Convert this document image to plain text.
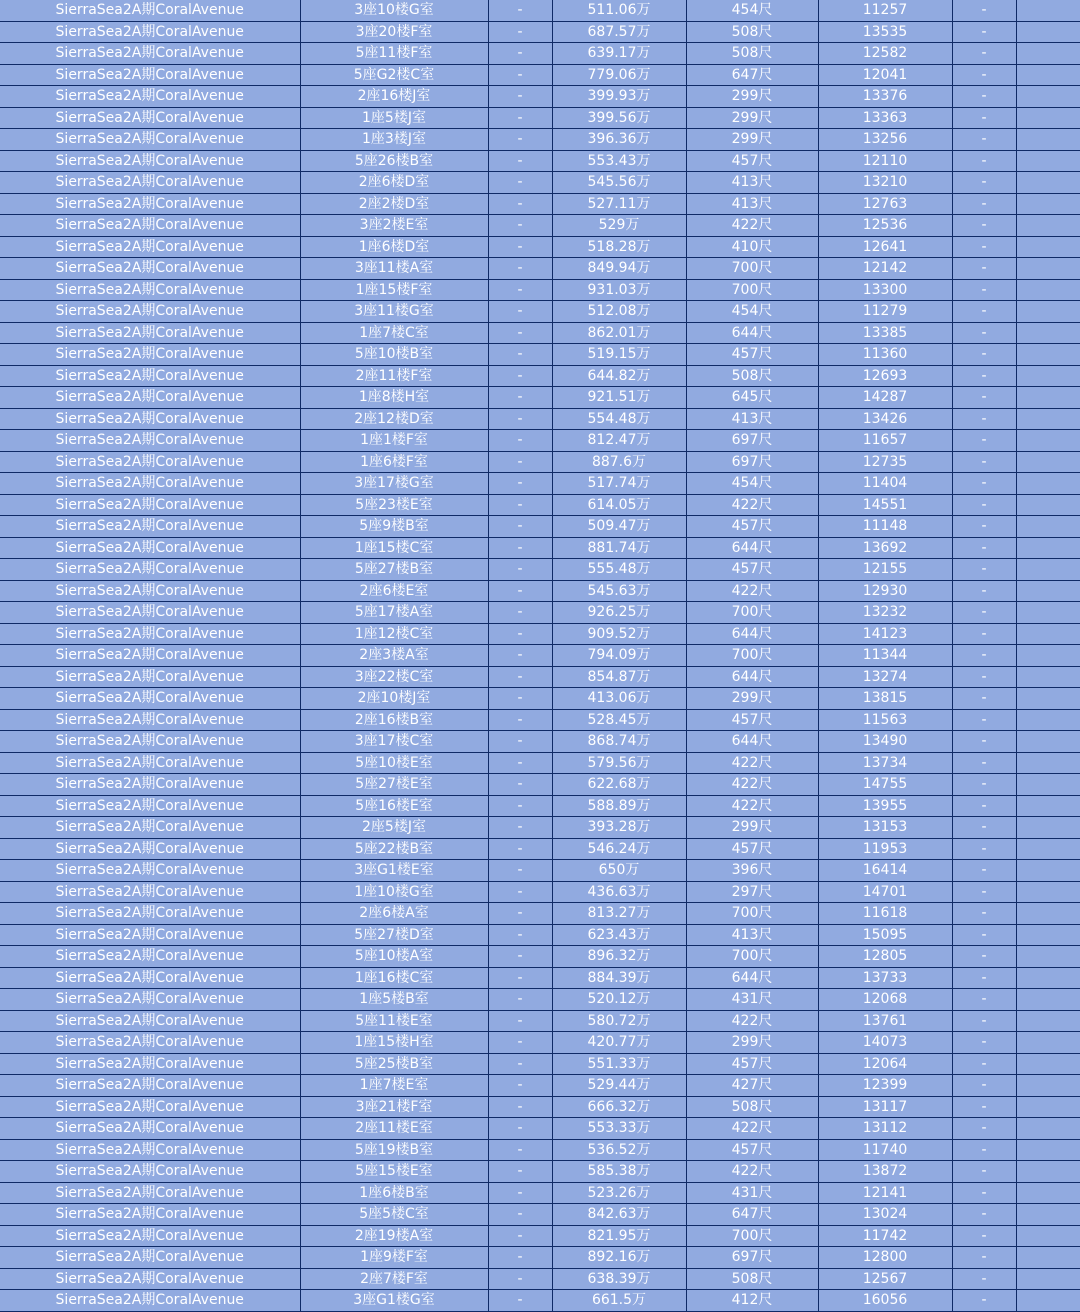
SierraSea2A期CoralAvenue	3座10楼G室	-	511.06万	454尺	11257	-	
SierraSea2A期CoralAvenue	3座20楼F室	-	687.57万	508尺	13535	-	
SierraSea2A期CoralAvenue	5座11楼F室	-	639.17万	508尺	12582	-	
SierraSea2A期CoralAvenue	5座G2楼C室	-	779.06万	647尺	12041	-	
SierraSea2A期CoralAvenue	2座16楼J室	-	399.93万	299尺	13376	-	
SierraSea2A期CoralAvenue	1座5楼J室	-	399.56万	299尺	13363	-	
SierraSea2A期CoralAvenue	1座3楼J室	-	396.36万	299尺	13256	-	
SierraSea2A期CoralAvenue	5座26楼B室	-	553.43万	457尺	12110	-	
SierraSea2A期CoralAvenue	2座6楼D室	-	545.56万	413尺	13210	-	
SierraSea2A期CoralAvenue	2座2楼D室	-	527.11万	413尺	12763	-	
SierraSea2A期CoralAvenue	3座2楼E室	-	529万	422尺	12536	-	
SierraSea2A期CoralAvenue	1座6楼D室	-	518.28万	410尺	12641	-	
SierraSea2A期CoralAvenue	3座11楼A室	-	849.94万	700尺	12142	-	
SierraSea2A期CoralAvenue	1座15楼F室	-	931.03万	700尺	13300	-	
SierraSea2A期CoralAvenue	3座11楼G室	-	512.08万	454尺	11279	-	
SierraSea2A期CoralAvenue	1座7楼C室	-	862.01万	644尺	13385	-	
SierraSea2A期CoralAvenue	5座10楼B室	-	519.15万	457尺	11360	-	
SierraSea2A期CoralAvenue	2座11楼F室	-	644.82万	508尺	12693	-	
SierraSea2A期CoralAvenue	1座8楼H室	-	921.51万	645尺	14287	-	
SierraSea2A期CoralAvenue	2座12楼D室	-	554.48万	413尺	13426	-	
SierraSea2A期CoralAvenue	1座1楼F室	-	812.47万	697尺	11657	-	
SierraSea2A期CoralAvenue	1座6楼F室	-	887.6万	697尺	12735	-	
SierraSea2A期CoralAvenue	3座17楼G室	-	517.74万	454尺	11404	-	
SierraSea2A期CoralAvenue	5座23楼E室	-	614.05万	422尺	14551	-	
SierraSea2A期CoralAvenue	5座9楼B室	-	509.47万	457尺	11148	-	
SierraSea2A期CoralAvenue	1座15楼C室	-	881.74万	644尺	13692	-	
SierraSea2A期CoralAvenue	5座27楼B室	-	555.48万	457尺	12155	-	
SierraSea2A期CoralAvenue	2座6楼E室	-	545.63万	422尺	12930	-	
SierraSea2A期CoralAvenue	5座17楼A室	-	926.25万	700尺	13232	-	
SierraSea2A期CoralAvenue	1座12楼C室	-	909.52万	644尺	14123	-	
SierraSea2A期CoralAvenue	2座3楼A室	-	794.09万	700尺	11344	-	
SierraSea2A期CoralAvenue	3座22楼C室	-	854.87万	644尺	13274	-	
SierraSea2A期CoralAvenue	2座10楼J室	-	413.06万	299尺	13815	-	
SierraSea2A期CoralAvenue	2座16楼B室	-	528.45万	457尺	11563	-	
SierraSea2A期CoralAvenue	3座17楼C室	-	868.74万	644尺	13490	-	
SierraSea2A期CoralAvenue	5座10楼E室	-	579.56万	422尺	13734	-	
SierraSea2A期CoralAvenue	5座27楼E室	-	622.68万	422尺	14755	-	
SierraSea2A期CoralAvenue	5座16楼E室	-	588.89万	422尺	13955	-	
SierraSea2A期CoralAvenue	2座5楼J室	-	393.28万	299尺	13153	-	
SierraSea2A期CoralAvenue	5座22楼B室	-	546.24万	457尺	11953	-	
SierraSea2A期CoralAvenue	3座G1楼E室	-	650万	396尺	16414	-	
SierraSea2A期CoralAvenue	1座10楼G室	-	436.63万	297尺	14701	-	
SierraSea2A期CoralAvenue	2座6楼A室	-	813.27万	700尺	11618	-	
SierraSea2A期CoralAvenue	5座27楼D室	-	623.43万	413尺	15095	-	
SierraSea2A期CoralAvenue	5座10楼A室	-	896.32万	700尺	12805	-	
SierraSea2A期CoralAvenue	1座16楼C室	-	884.39万	644尺	13733	-	
SierraSea2A期CoralAvenue	1座5楼B室	-	520.12万	431尺	12068	-	
SierraSea2A期CoralAvenue	5座11楼E室	-	580.72万	422尺	13761	-	
SierraSea2A期CoralAvenue	1座15楼H室	-	420.77万	299尺	14073	-	
SierraSea2A期CoralAvenue	5座25楼B室	-	551.33万	457尺	12064	-	
SierraSea2A期CoralAvenue	1座7楼E室	-	529.44万	427尺	12399	-	
SierraSea2A期CoralAvenue	3座21楼F室	-	666.32万	508尺	13117	-	
SierraSea2A期CoralAvenue	2座11楼E室	-	553.33万	422尺	13112	-	
SierraSea2A期CoralAvenue	5座19楼B室	-	536.52万	457尺	11740	-	
SierraSea2A期CoralAvenue	5座15楼E室	-	585.38万	422尺	13872	-	
SierraSea2A期CoralAvenue	1座6楼B室	-	523.26万	431尺	12141	-	
SierraSea2A期CoralAvenue	5座5楼C室	-	842.63万	647尺	13024	-	
SierraSea2A期CoralAvenue	2座19楼A室	-	821.95万	700尺	11742	-	
SierraSea2A期CoralAvenue	1座9楼F室	-	892.16万	697尺	12800	-	
SierraSea2A期CoralAvenue	2座7楼F室	-	638.39万	508尺	12567	-	
SierraSea2A期CoralAvenue	3座G1楼G室	-	661.5万	412尺	16056	-	
